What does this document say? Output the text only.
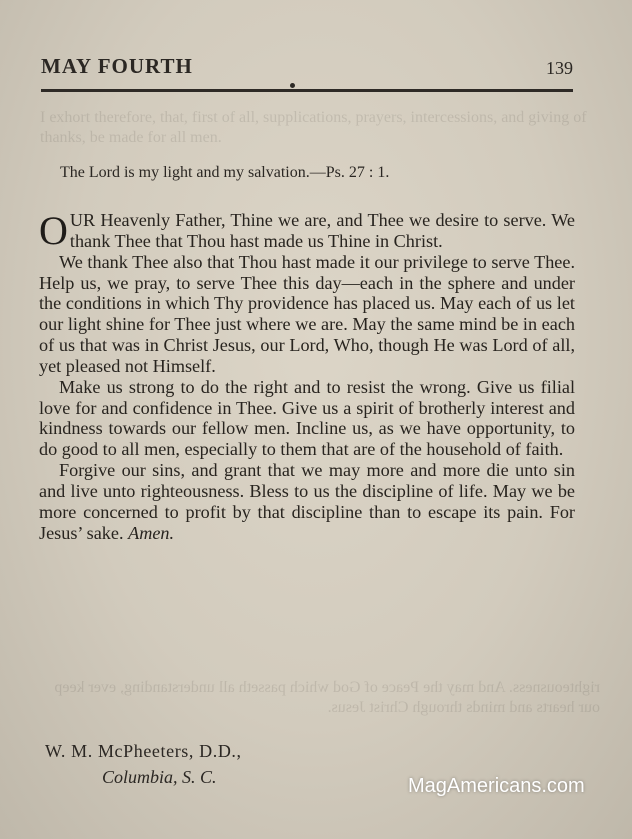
I exhort therefore, that, first of all, supplications, prayers, intercessions, and giving of thanks, be made for all men.
righteousness. And may the Peace of God which passeth all understanding, ever keep our hearts and minds through Christ Jesus.
MAY FOURTH	139
The Lord is my light and my salvation.—Ps. 27 : 1.

OUR Heavenly Father, Thine we are, and Thee we desire to serve. We thank Thee that Thou hast made us Thine in Christ.

We thank Thee also that Thou hast made it our privilege to serve Thee. Help us, we pray, to serve Thee this day—each in the sphere and under the conditions in which Thy providence has placed us. May each of us let our light shine for Thee just where we are. May the same mind be in each of us that was in Christ Jesus, our Lord, Who, though He was Lord of all, yet pleased not Himself.

Make us strong to do the right and to resist the wrong. Give us filial love for and confidence in Thee. Give us a spirit of brotherly interest and kindness towards our fellow men. Incline us, as we have opportunity, to do good to all men, especially to them that are of the household of faith.

Forgive our sins, and grant that we may more and more die unto sin and live unto righteousness. Bless to us the discipline of life. May we be more concerned to profit by that discipline than to escape its pain. For Jesus’ sake. Amen.

W. M. McPheeters, D.D.,
Columbia, S. C.	MagAmericans.com
